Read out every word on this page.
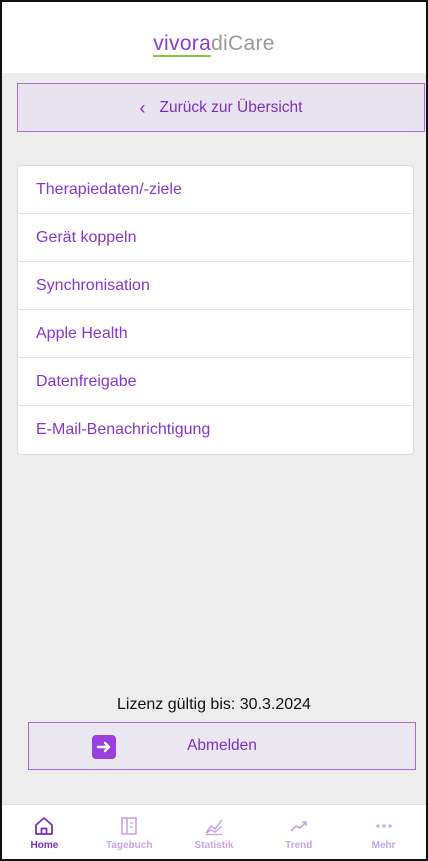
vivoradiCare
‹ Zurück zur Übersicht
Therapiedaten/-ziele
Gerät koppeln
Synchronisation
Apple Health
Datenfreigabe
E-Mail-Benachrichtigung
Lizenz gültig bis: 30.3.2024
Abmelden
Home	Tagebuch	Statistik	Trend	Mehr
